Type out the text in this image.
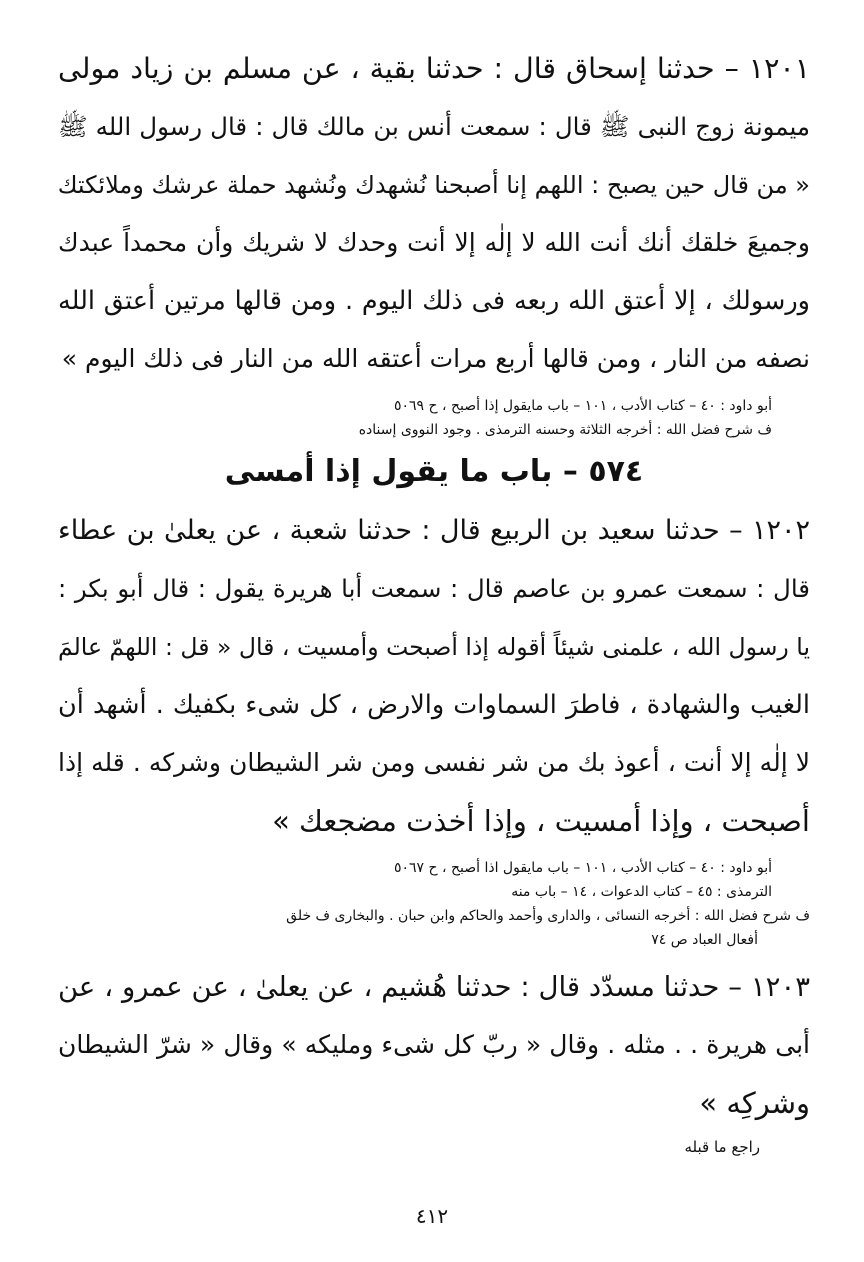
١٢٠١ – حدثنا إسحاق قال : حدثنا بقية ، عن مسلم بن زياد مولى
ميمونة زوج النبى ﷺ قال : سمعت أنس بن مالك قال : قال رسول الله ﷺ
« من قال حين يصبح : اللهم إنا أصبحنا نُشهدك ونُشهد حملة عرشك وملائكتك
وجميعَ خلقك أنك أنت الله لا إلٰه إلا أنت وحدك لا شريك وأن محمداً عبدك
ورسولك ، إلا أعتق الله ربعه فى ذلك اليوم . ومن قالها مرتين أعتق الله
نصفه من النار ، ومن قالها أربع مرات أعتقه الله من النار فى ذلك اليوم »
أبو داود : ٤٠ – كتاب الأدب ، ١٠١ – باب مايقول إذا أصبح ، ح ٥٠٦٩
ف شرح فضل الله : أخرجه الثلاثة وحسنه الترمذى . وجود النووى إسناده
٥٧٤ – باب ما يقول إذا أمسى
١٢٠٢ – حدثنا سعيد بن الربيع قال : حدثنا شعبة ، عن يعلىٰ بن عطاء
قال : سمعت عمرو بن عاصم قال : سمعت أبا هريرة يقول : قال أبو بكر :
يا رسول الله ، علمنى شيئاً أقوله إذا أصبحت وأمسيت ، قال « قل : اللهمّ عالمَ
الغيب والشهادة ، فاطرَ السماوات والارض ، كل شىء بكفيك . أشهد أن
لا إلٰه إلا أنت ، أعوذ بك من شر نفسى ومن شر الشيطان وشركه . قله إذا
أصبحت ، وإذا أمسيت ، وإذا أخذت مضجعك »
أبو داود : ٤٠ – كتاب الأدب ، ١٠١ – باب مايقول اذا أصبح ، ح ٥٠٦٧
الترمذى : ٤٥ – كتاب الدعوات ، ١٤ – باب منه
ف شرح فضل الله : أخرجه النسائى ، والدارى وأحمد والحاكم وابن حبان . والبخارى ف خلق
أفعال العباد ص ٧٤
١٢٠٣ – حدثنا مسدّد قال : حدثنا هُشيم ، عن يعلىٰ ، عن عمرو ، عن
أبى هريرة . . مثله . وقال « ربّ كل شىء ومليكه » وقال « شرّ الشيطان
وشركِه »
راجع ما قبله
٤١٢
